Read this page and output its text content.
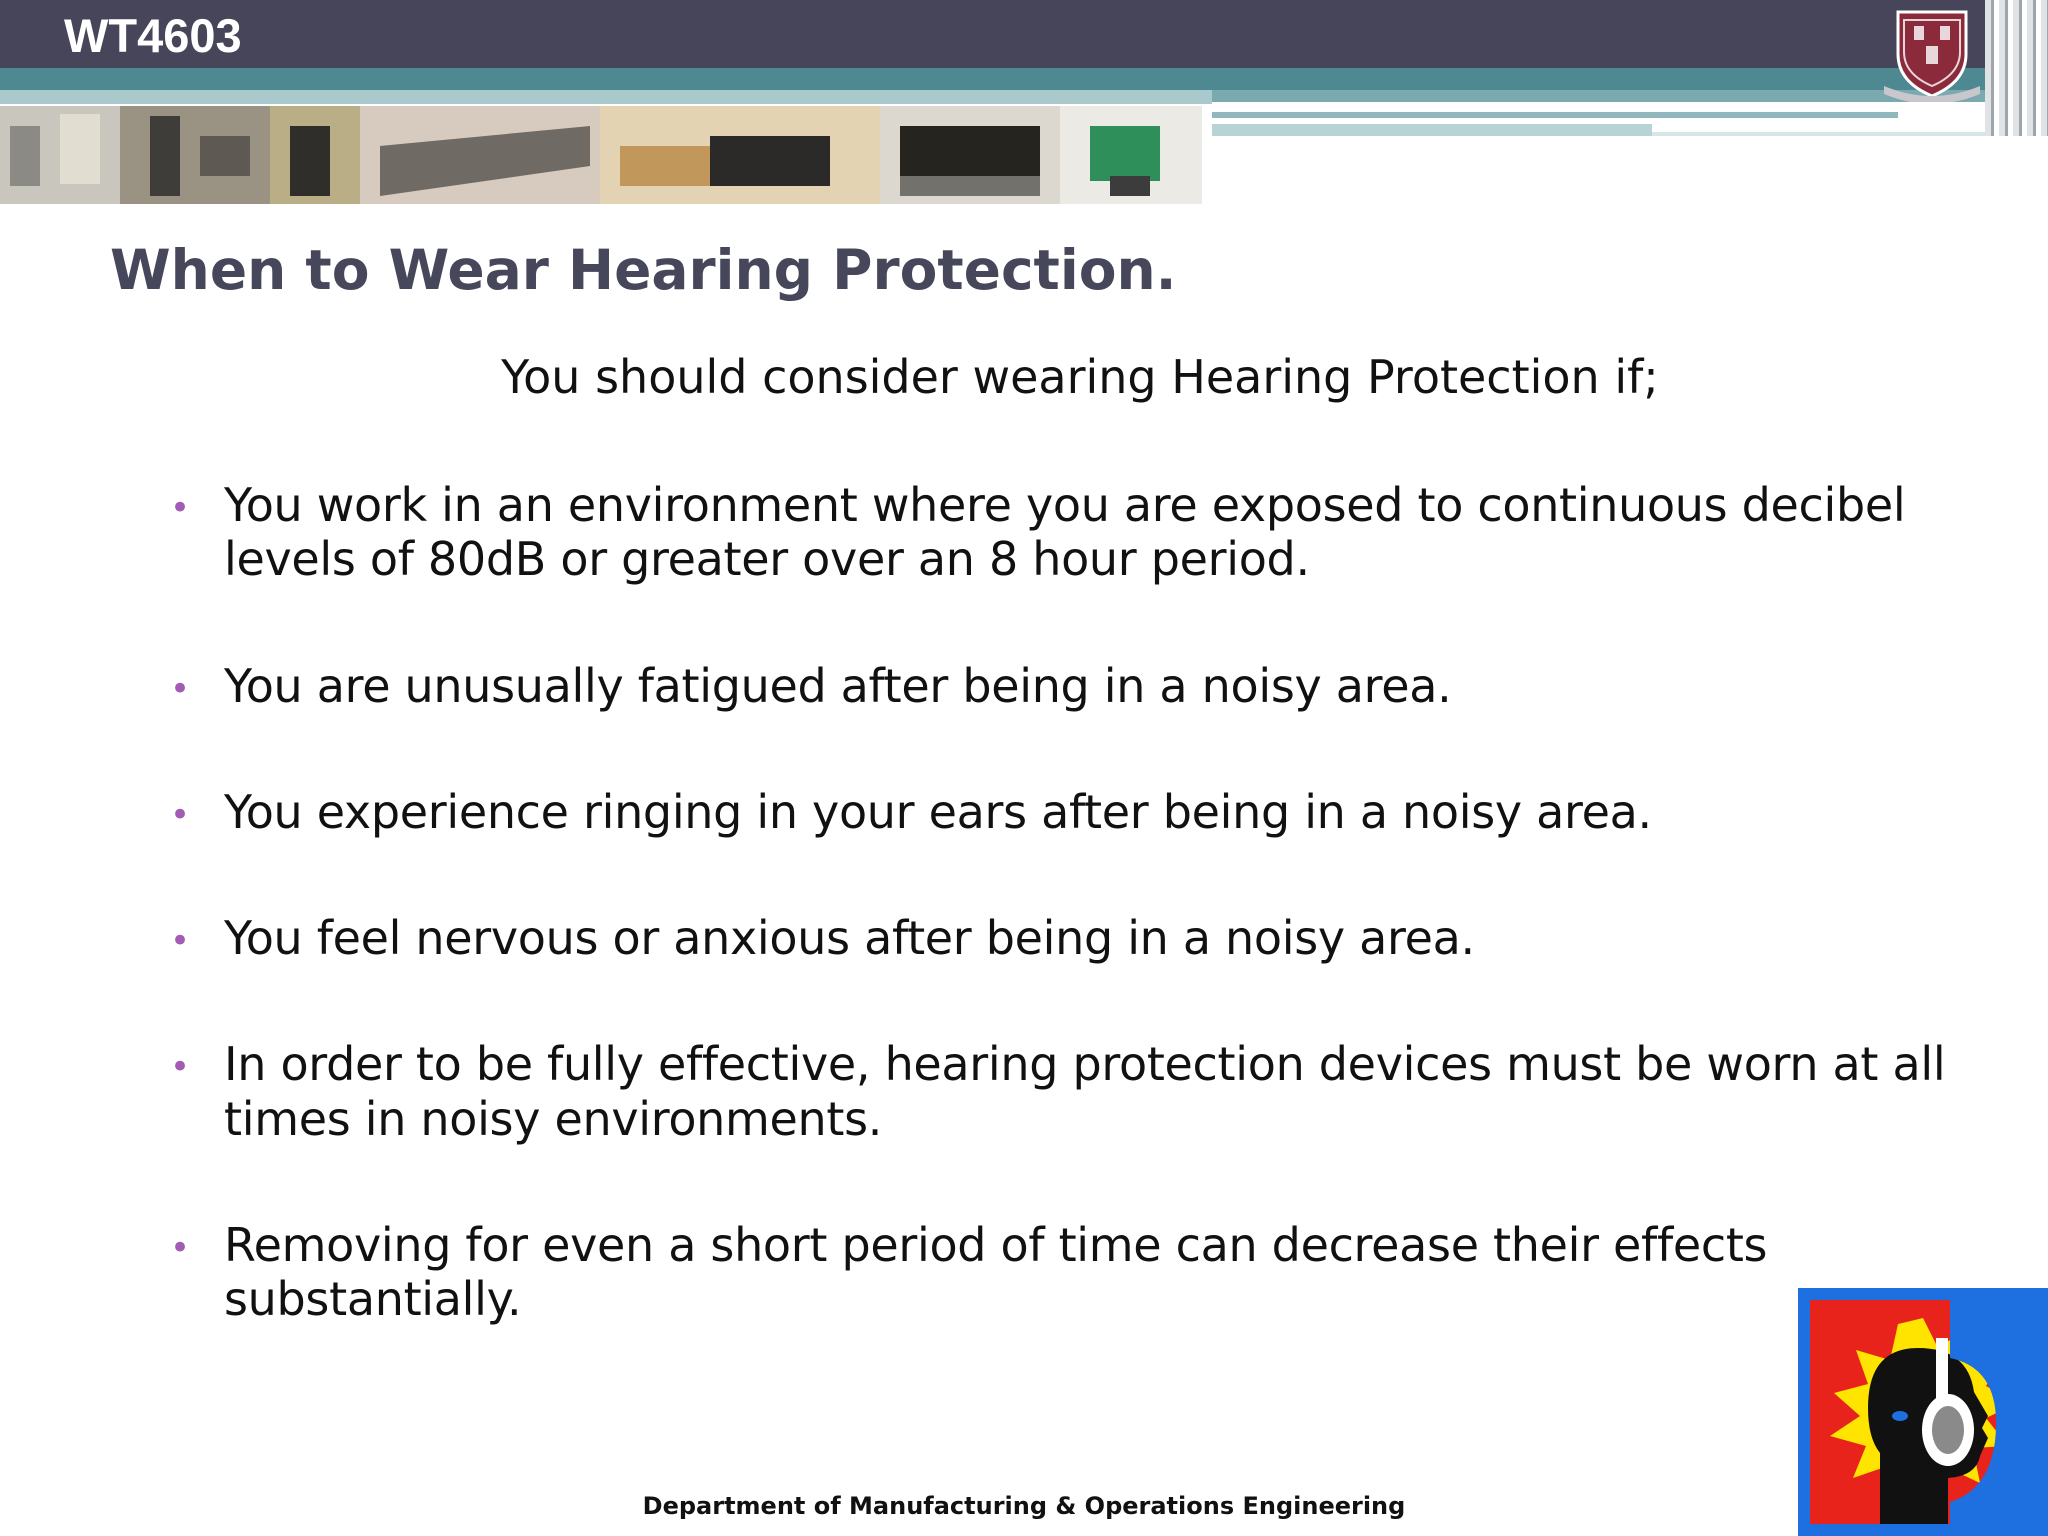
WT4603
When to Wear Hearing Protection.
You should consider wearing Hearing Protection if;
• You work in an environment where you are exposed to continuous decibel
levels of 80dB or greater over an 8 hour period.
• You are unusually fatigued after being in a noisy area.
• You experience ringing in your ears after being in a noisy area.
• You feel nervous or anxious after being in a noisy area.
• In order to be fully effective, hearing protection devices must be worn at all
times in noisy environments.
• Removing for even a short period of time can decrease their effects
substantially.
Department of Manufacturing & Operations Engineering
